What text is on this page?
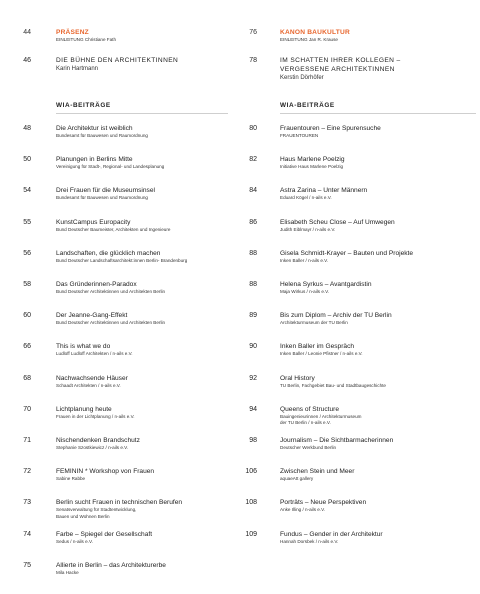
44	PRÄSENZ
EINLEITUNG Christiane Fath
46	DIE BÜHNE DEN ARCHITEKTINNEN
Karin Hartmann
WIA-BEITRÄGE
76	KANON BAUKULTUR
EINLEITUNG Jan R. Krause
78	IM SCHATTEN IHRER KOLLEGEN –
VERGESSENE ARCHITEKTINNEN
Kerstin Dörhöfer
WIA-BEITRÄGE
48	Die Architektur ist weiblich
Bundesamt für Bauwesen und Raumordnung
50	Planungen in Berlins Mitte
Vereinigung für Stadt-, Regional- und Landesplanung
54	Drei Frauen für die Museumsinsel
Bundesamt für Bauwesen und Raumordnung
55	KunstCampus Europacity
Bund Deutscher Baumeister, Architekten und Ingenieure
56	Landschaften, die glücklich machen
Bund Deutscher Landschaftsarchitekt:innen Berlin- Brandenburg
58	Das Gründerinnen-Paradox
Bund Deutscher Architektinnen und Architekten Berlin
60	Der Jeanne-Gang-Effekt
Bund Deutscher Architektinnen und Architekten Berlin
66	This is what we do
Ludloff Ludloff Architekten / n-ails e.V.
68	Nachwachsende Häuser
Schaadt Architekten / n-ails e.V.
70	Lichtplanung heute
Frauen in der Lichtplanung / n-ails e.V.
71	Nischendenken Brandschutz
Stephanie Szostkiewicz / n-ails e.V.
72	FEMININ * Workshop von Frauen
Sabine Rabbe
73	Berlin sucht Frauen in technischen Berufen
Senatsverwaltung für Stadtentwicklung,
Bauen und Wohnen Berlin
74	Farbe – Spiegel der Gesellschaft
Sedus / n-ails e.V.
75	Allierte in Berlin – das Architekturerbe
Mila Hacke
80	Frauentouren – Eine Spurensuche
FRAUENTOUREN
82	Haus Marlene Poelzig
Initiative Haus Marlene Poelzig
84	Astra Zarina – Unter Männern
Eduard Kögel / n-ails e.V.
86	Elisabeth Scheu Close – Auf Umwegen
Judith Eiblmayr / n-ails e.V.
88	Gisela Schmidt-Krayer – Bauten und Projekte
Inken Baller / n-ails e.V.
88	Helena Syrkus – Avantgardistin
Maja Wirkus / n-ails e.V.
89	Bis zum Diplom – Archiv der TU Berlin
Architekturmuseum der TU Berlin
90	Inken Baller im Gespräch
Inken Baller / Leonie Pfistner / n-ails e.V.
92	Oral History
TU Berlin, Fachgebiet Bau- und Stadtbaugeschichte
94	Queens of Structure
Bauingenieurinnen / Architekturmuseum
der TU Berlin / n-ails e.V.
98	Journalism – Die Sichtbarmacherinnen
Deutscher Werkbund Berlin
106	Zwischen Stein und Meer
aquaeAtt gallery
108	Porträts – Neue Perspektiven
Anke Illing / n-ails e.V.
109	Fundus – Gender in der Architektur
Hannah Dorsbek / n-ails e.V.
